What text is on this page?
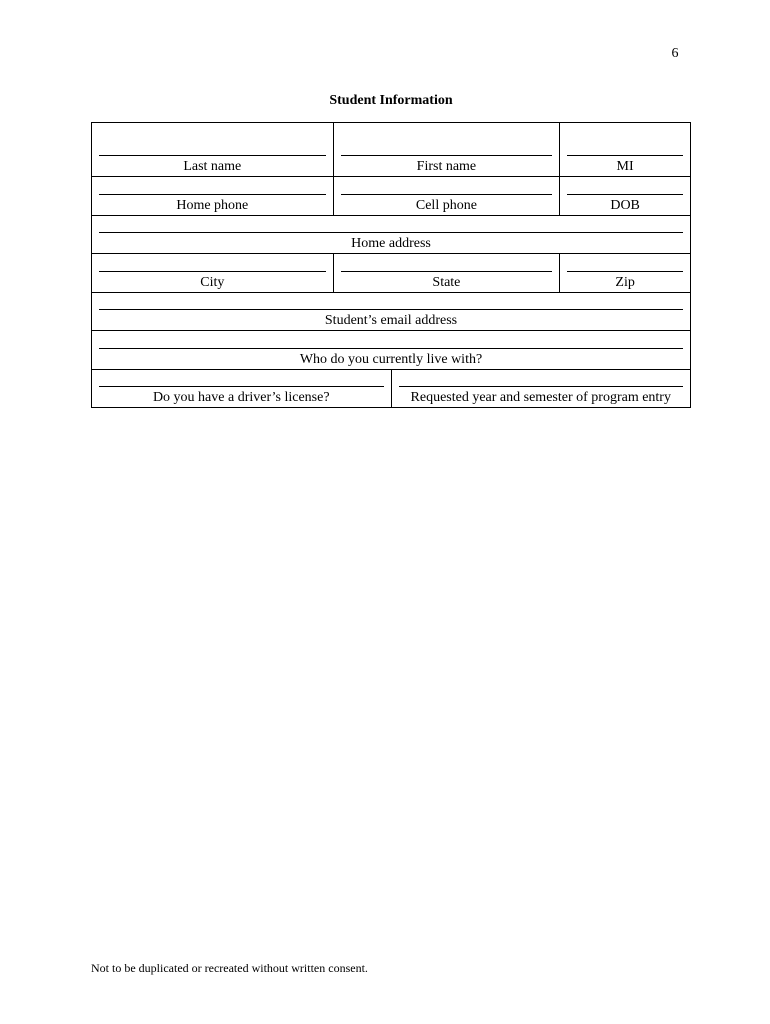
6
Student Information
Last name	First name	MI
Home phone	Cell phone	DOB
Home address
City	State	Zip
Student’s email address
Who do you currently live with?
Do you have a driver’s license?	Requested year and semester of program entry
Not to be duplicated or recreated without written consent.
